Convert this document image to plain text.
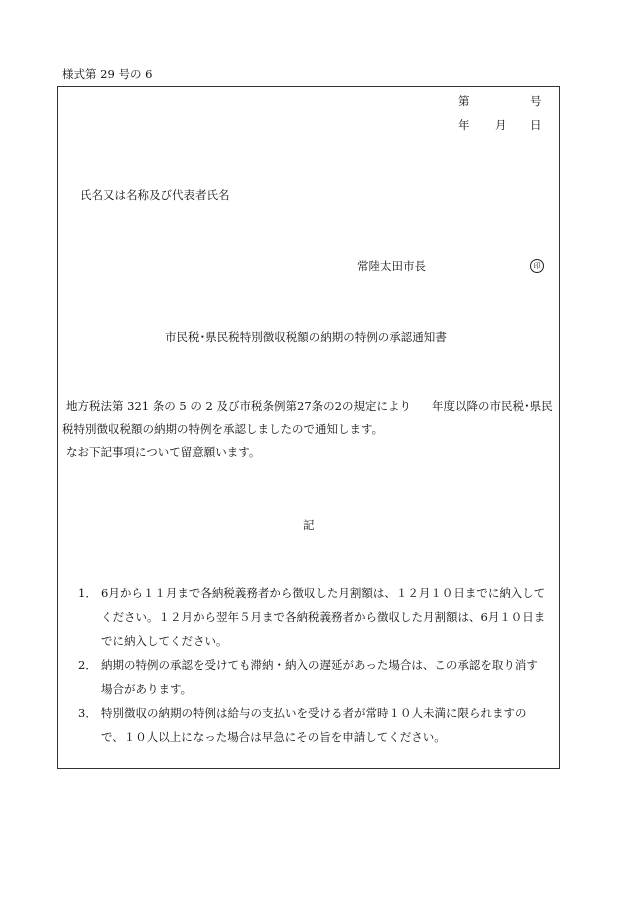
様式第 29 号の 6
第	号
年 月 日
氏名又は名称及び代表者氏名
常陸太田市長	印
市民税･県民税特別徴収税額の納期の特例の承認通知書
地方税法第 321 条の 5 の 2 及び市税条例第27条の2の規定により 年度以降の市民税･県民
税特別徴収税額の納期の特例を承認しましたので通知します。
なお下記事項について留意願います。
記
1． 6月から１１月まで各納税義務者から徴収した月割額は、１２月１０日までに納入して
ください。１２月から翌年５月まで各納税義務者から徴収した月割額は、6月１０日ま
でに納入してください。
2． 納期の特例の承認を受けても滞納・納入の遅延があった場合は、この承認を取り消す
場合があります。
3． 特別徴収の納期の特例は給与の支払いを受ける者が常時１０人未満に限られますの
で、１０人以上になった場合は早急にその旨を申請してください。
